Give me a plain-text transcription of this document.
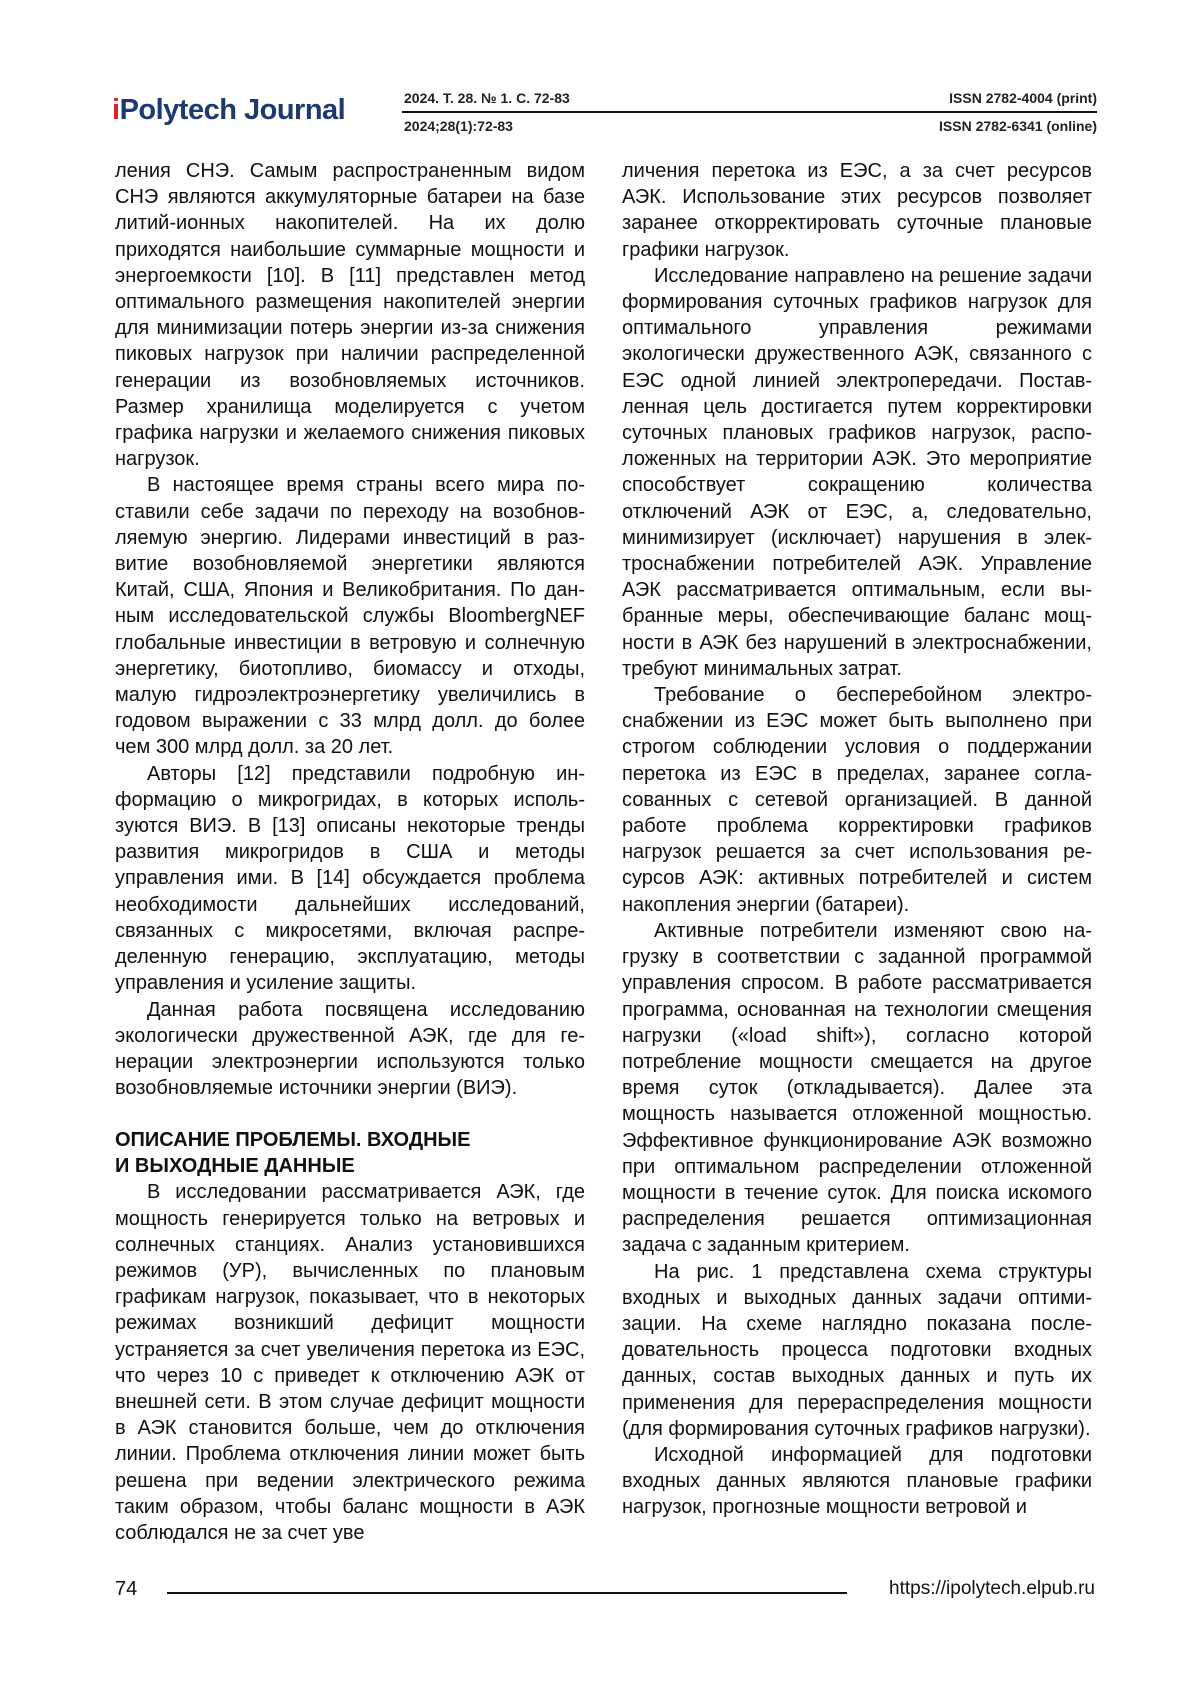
iPolytech Journal	2024. Т. 28. № 1. С. 72-83
2024;28(1):72-83
ISSN 2782-4004 (print)
ISSN 2782-6341 (online)

ления СНЭ. Самым распространенным видом СНЭ являются аккумуляторные батареи на базе литий-ионных накопителей. На их долю приходятся наибольшие суммарные мощности и энергоемкости [10]. В [11] представлен метод оптимального размещения накопителей энергии для минимизации потерь энергии из-за снижения пиковых нагрузок при наличии распределенной генерации из возобновляемых источников. Размер хранилища моделируется с учетом графика нагрузки и желаемого снижения пиковых нагрузок.

В настоящее время страны всего мира поставили себе задачи по переходу на возобновляемую энергию. Лидерами инвестиций в развитие возобновляемой энергетики являются Китай, США, Япония и Великобритания. По данным исследовательской службы BloombergNEF глобальные инвестиции в ветровую и солнечную энергетику, биотопливо, биомассу и отходы, малую гидроэлектроэнергетику увеличились в годовом выражении с 33 млрд долл. до более чем 300 млрд долл. за 20 лет.

Авторы [12] представили подробную информацию о микрогридах, в которых используются ВИЭ. В [13] описаны некоторые тренды развития микрогридов в США и методы управления ими. В [14] обсуждается проблема необходимости дальнейших исследований, связанных с микросетями, включая распределенную генерацию, эксплуатацию, методы управления и усиление защиты.

Данная работа посвящена исследованию экологически дружественной АЭК, где для генерации электроэнергии используются только возобновляемые источники энергии (ВИЭ).

ОПИСАНИЕ ПРОБЛЕМЫ. ВХОДНЫЕ
И ВЫХОДНЫЕ ДАННЫЕ

В исследовании рассматривается АЭК, где мощность генерируется только на ветровых и солнечных станциях. Анализ установившихся режимов (УР), вычисленных по плановым графикам нагрузок, показывает, что в некоторых режимах возникший дефицит мощности устраняется за счет увеличения перетока из ЕЭС, что через 10 с приведет к отключению АЭК от внешней сети. В этом случае дефицит мощности в АЭК становится больше, чем до отключения линии. Проблема отключения линии может быть решена при ведении электрического режима таким образом, чтобы баланс мощности в АЭК соблюдался не за счет уве

личения перетока из ЕЭС, а за счет ресурсов АЭК. Использование этих ресурсов позволяет заранее откорректировать суточные плановые графики нагрузок.

Исследование направлено на решение задачи формирования суточных графиков нагрузок для оптимального управления режимами экологически дружественного АЭК, связанного с ЕЭС одной линией электропередачи. Поставленная цель достигается путем корректировки суточных плановых графиков нагрузок, расположенных на территории АЭК. Это мероприятие способствует сокращению количества отключений АЭК от ЕЭС, а, следовательно, минимизирует (исключает) нарушения в электроснабжении потребителей АЭК. Управление АЭК рассматривается оптимальным, если выбранные меры, обеспечивающие баланс мощности в АЭК без нарушений в электроснабжении, требуют минимальных затрат.

Требование о бесперебойном электроснабжении из ЕЭС может быть выполнено при строгом соблюдении условия о поддержании перетока из ЕЭС в пределах, заранее согласованных с сетевой организацией. В данной работе проблема корректировки графиков нагрузок решается за счет использования ресурсов АЭК: активных потребителей и систем накопления энергии (батареи).

Активные потребители изменяют свою нагрузку в соответствии с заданной программой управления спросом. В работе рассматривается программа, основанная на технологии смещения нагрузки («load shift»), согласно которой потребление мощности смещается на другое время суток (откладывается). Далее эта мощность называется отложенной мощностью. Эффективное функционирование АЭК возможно при оптимальном распределении отложенной мощности в течение суток. Для поиска искомого распределения решается оптимизационная задача с заданным критерием.

На рис. 1 представлена схема структуры входных и выходных данных задачи оптимизации. На схеме наглядно показана последовательность процесса подготовки входных данных, состав выходных данных и путь их применения для перераспределения мощности (для формирования суточных графиков нагрузки).

Исходной информацией для подготовки входных данных являются плановые графики нагрузок, прогнозные мощности ветровой и

74	https://ipolytech.elpub.ru
